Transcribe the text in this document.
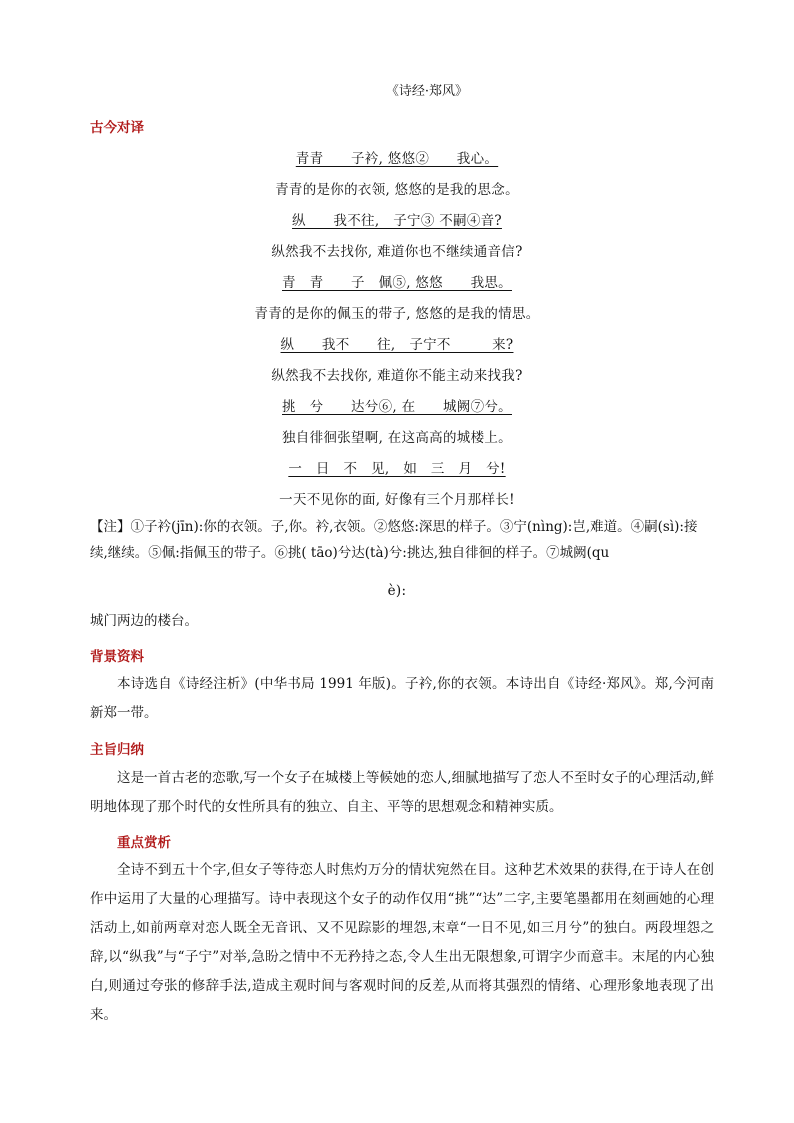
《诗经·郑风》
古今对译
青青　　子衿, 悠悠②　　我心。
青青的是你的衣领, 悠悠的是我的思念。
纵　　我不往,　子宁③ 不嗣④音?
纵然我不去找你, 难道你也不继续通音信?
青　青　　子　佩⑤, 悠悠　　我思。
青青的是你的佩玉的带子, 悠悠的是我的情思。
纵　　我不　　往,　子宁不　　　来?
纵然我不去找你, 难道你不能主动来找我?
挑　兮　　达兮⑥, 在　　城阙⑦兮。
独自徘徊张望啊, 在这高高的城楼上。
一　日　不　见,　如　三　月　兮!
一天不见你的面, 好像有三个月那样长!
【注】①子衿(jīn):你的衣领。子,你。衿,衣领。②悠悠:深思的样子。③宁(nìng):岂,难道。④嗣(sì):接续,继续。⑤佩:指佩玉的带子。⑥挑( tāo)兮达(tà)兮:挑达,独自徘徊的样子。⑦城阙(qu
è):
城门两边的楼台。
背景资料
本诗选自《诗经注析》(中华书局 1991 年版)。子衿,你的衣领。本诗出自《诗经·郑风》。郑,今河南新郑一带。
主旨归纳
这是一首古老的恋歌,写一个女子在城楼上等候她的恋人,细腻地描写了恋人不至时女子的心理活动,鲜明地体现了那个时代的女性所具有的独立、自主、平等的思想观念和精神实质。
重点赏析
全诗不到五十个字,但女子等待恋人时焦灼万分的情状宛然在目。这种艺术效果的获得,在于诗人在创作中运用了大量的心理描写。诗中表现这个女子的动作仅用“挑”“达”二字,主要笔墨都用在刻画她的心理活动上,如前两章对恋人既全无音讯、又不见踪影的埋怨,末章“一日不见,如三月兮”的独白。两段埋怨之辞,以“纵我”与“子宁”对举,急盼之情中不无矜持之态,令人生出无限想象,可谓字少而意丰。末尾的内心独白,则通过夸张的修辞手法,造成主观时间与客观时间的反差,从而将其强烈的情绪、心理形象地表现了出来。
